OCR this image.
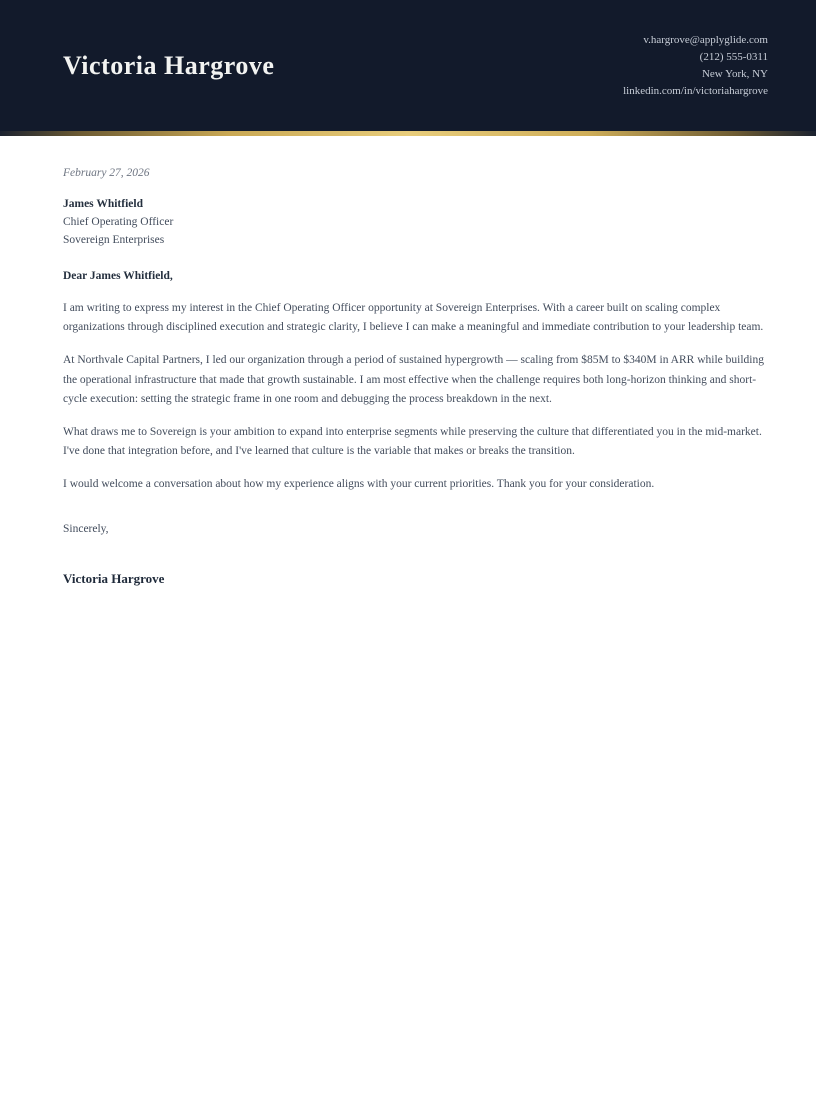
Victoria Hargrove
v.hargrove@applyglide.com
(212) 555-0311
New York, NY
linkedin.com/in/victoriahargrove

February 27, 2026

James Whitfield
Chief Operating Officer
Sovereign Enterprises

Dear James Whitfield,

I am writing to express my interest in the Chief Operating Officer opportunity at Sovereign Enterprises. With a career built on scaling complex organizations through disciplined execution and strategic clarity, I believe I can make a meaningful and immediate contribution to your leadership team.

At Northvale Capital Partners, I led our organization through a period of sustained hypergrowth — scaling from $85M to $340M in ARR while building the operational infrastructure that made that growth sustainable. I am most effective when the challenge requires both long-horizon thinking and short-cycle execution: setting the strategic frame in one room and debugging the process breakdown in the next.

What draws me to Sovereign is your ambition to expand into enterprise segments while preserving the culture that differentiated you in the mid-market. I've done that integration before, and I've learned that culture is the variable that makes or breaks the transition.

I would welcome a conversation about how my experience aligns with your current priorities. Thank you for your consideration.

Sincerely,

Victoria Hargrove
